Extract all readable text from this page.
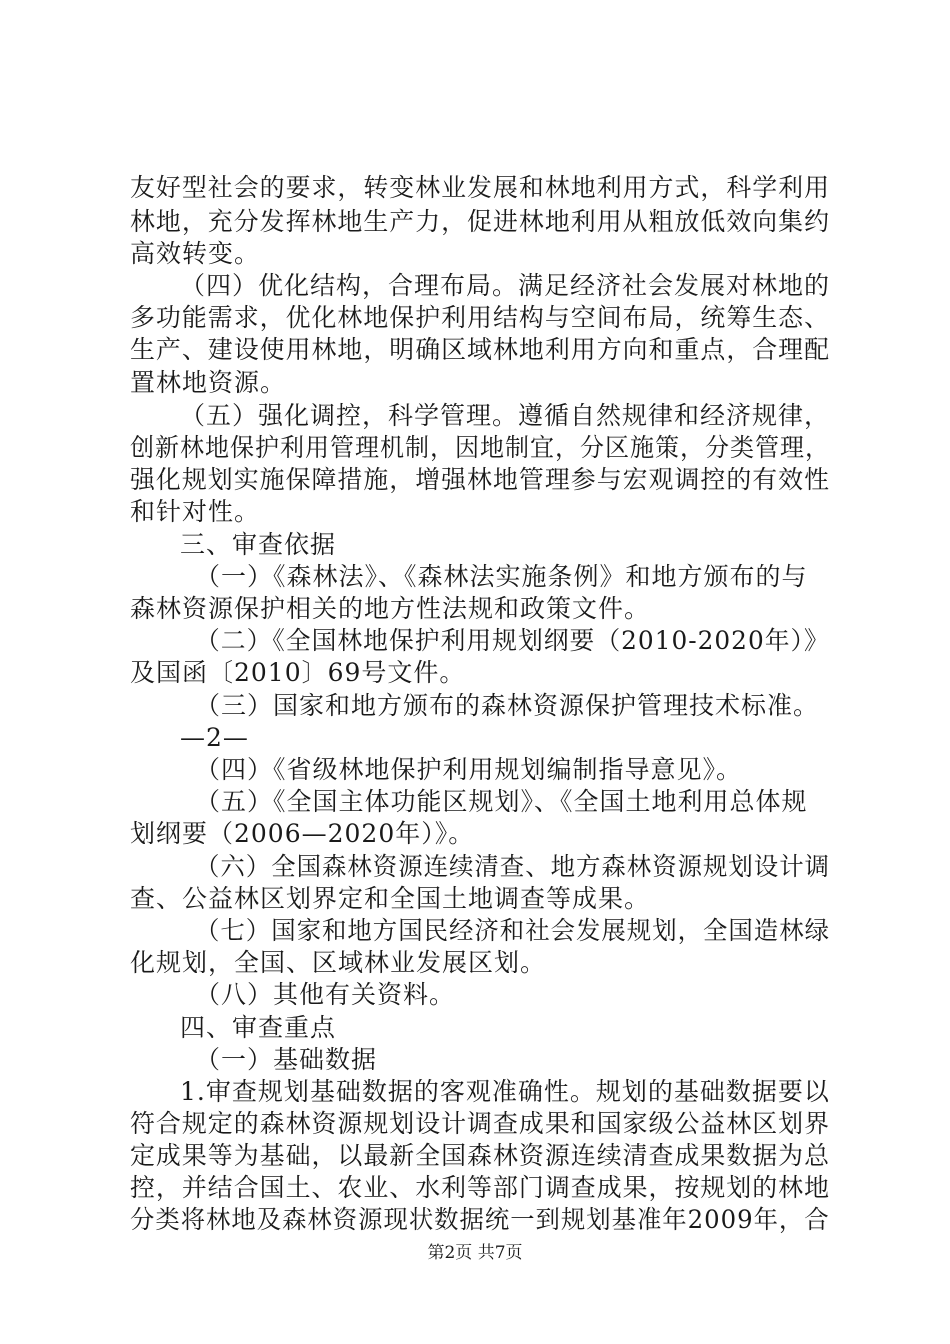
友好型社会的要求，转变林业发展和林地利用方式，科学利用
林地，充分发挥林地生产力，促进林地利用从粗放低效向集约
高效转变。
（四）优化结构，合理布局。满足经济社会发展对林地的
多功能需求，优化林地保护利用结构与空间布局，统筹生态、
生产、建设使用林地，明确区域林地利用方向和重点，合理配
置林地资源。
（五）强化调控，科学管理。遵循自然规律和经济规律，
创新林地保护利用管理机制，因地制宜，分区施策，分类管理，
强化规划实施保障措施，增强林地管理参与宏观调控的有效性
和针对性。
三、审查依据
（一）《森林法》、《森林法实施条例》和地方颁布的与
森林资源保护相关的地方性法规和政策文件。
（二）《全国林地保护利用规划纲要（2010-2020年）》
及国函〔2010〕69号文件。
（三）国家和地方颁布的森林资源保护管理技术标准。
—2—
（四）《省级林地保护利用规划编制指导意见》。
（五）《全国主体功能区规划》、《全国土地利用总体规
划纲要（2006—2020年）》。
（六）全国森林资源连续清查、地方森林资源规划设计调
查、公益林区划界定和全国土地调查等成果。
（七）国家和地方国民经济和社会发展规划，全国造林绿
化规划，全国、区域林业发展区划。
（八）其他有关资料。
四、审查重点
（一）基础数据
1.审查规划基础数据的客观准确性。规划的基础数据要以
符合规定的森林资源规划设计调查成果和国家级公益林区划界
定成果等为基础，以最新全国森林资源连续清查成果数据为总
控，并结合国土、农业、水利等部门调查成果，按规划的林地
分类将林地及森林资源现状数据统一到规划基准年2009年，合
第2页 共7页
